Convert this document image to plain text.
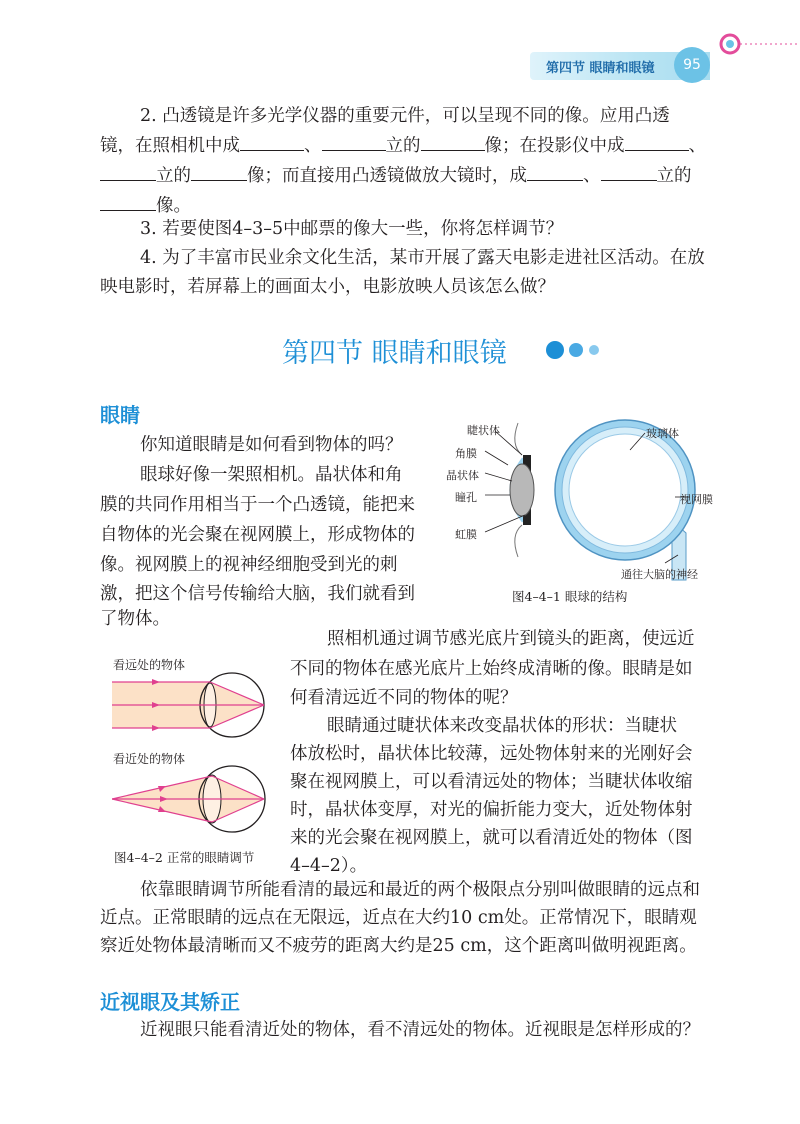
第四节 眼睛和眼镜	95
2. 凸透镜是许多光学仪器的重要元件，可以呈现不同的像。应用凸透
镜，在照相机中成	、	立的	像；在投影仪中成	、
立的	像；而直接用凸透镜做放大镜时，成	、	立的
像。
3. 若要使图4–3–5中邮票的像大一些，你将怎样调节？
4. 为了丰富市民业余文化生活，某市开展了露天电影走进社区活动。在放
映电影时，若屏幕上的画面太小，电影放映人员该怎么做？
第四节 眼睛和眼镜
眼睛
你知道眼睛是如何看到物体的吗？
眼球好像一架照相机。晶状体和角
膜的共同作用相当于一个凸透镜，能把来
自物体的光会聚在视网膜上，形成物体的
像。视网膜上的视神经细胞受到光的刺
激，把这个信号传输给大脑，我们就看到
了物体。
睫状体	玻璃体
角膜
晶状体
瞳孔	视网膜
虹膜
通往大脑的神经
图4–4–1 眼球的结构
看远处的物体
看近处的物体
图4–4–2 正常的眼睛调节
照相机通过调节感光底片到镜头的距离，使远近
不同的物体在感光底片上始终成清晰的像。眼睛是如
何看清远近不同的物体的呢？
眼睛通过睫状体来改变晶状体的形状：当睫状
体放松时，晶状体比较薄，远处物体射来的光刚好会
聚在视网膜上，可以看清远处的物体；当睫状体收缩
时，晶状体变厚，对光的偏折能力变大，近处物体射
来的光会聚在视网膜上，就可以看清近处的物体（图
4–4–2）。
依靠眼睛调节所能看清的最远和最近的两个极限点分别叫做眼睛的远点和
近点。正常眼睛的远点在无限远，近点在大约10 cm处。正常情况下，眼睛观
察近处物体最清晰而又不疲劳的距离大约是25 cm，这个距离叫做明视距离。
近视眼及其矫正
近视眼只能看清近处的物体，看不清远处的物体。近视眼是怎样形成的？
